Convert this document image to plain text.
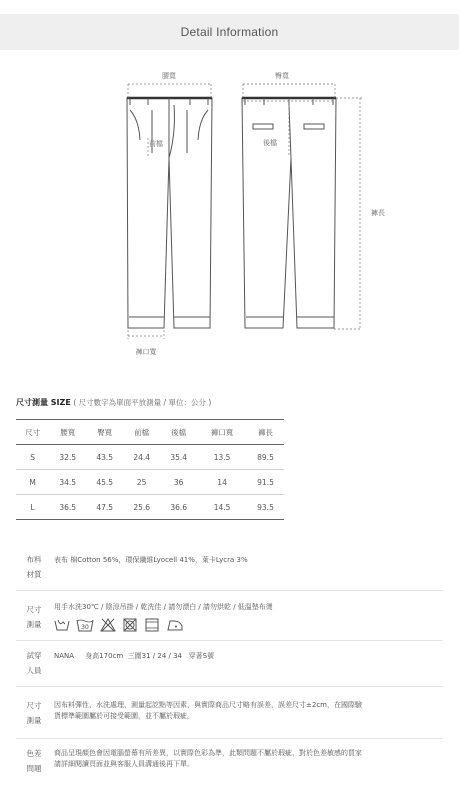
Detail Information
腰寬
前檔
褲口寬
臀寬
後檔
褲長
尺寸測量 SIZE ( 尺寸數字為單面平放測量 / 單位：公分 )
尺寸	腰寬	臀寬	前檔	後檔	褲口寬	褲長
S	32.5	43.5	24.4	35.4	13.5	89.5
M	34.5	45.5	25	36	14	91.5
L	36.5	47.5	25.6	36.6	14.5	93.5
布料
材質
表布 棉Cotton 56%，環保纖維Lyocell 41%，萊卡Lycra 3%
尺寸
測量
用手水洗30℃ / 陰涼吊掛 / 乾洗佳 / 請勿漂白 / 請勿烘乾 / 低溫墊布燙
30
試穿
人員
NANA     身高170cm  三圍31 / 24 / 34   穿著S號
尺寸
測量
因布料彈性、水洗處理、測量起訖點等因素，與實際商品尺寸略有誤差，誤差尺寸±2cm，在國際驗
貨標準範圍屬於可接受範圍，並不屬於瑕疵。
色差
問題
商品呈現顏色會因電腦螢幕有所差異，以實際色彩為準，此類問題不屬於瑕疵，對於色差敏感的買家
請詳細閱讀頁面並與客服人員溝通後再下單。
